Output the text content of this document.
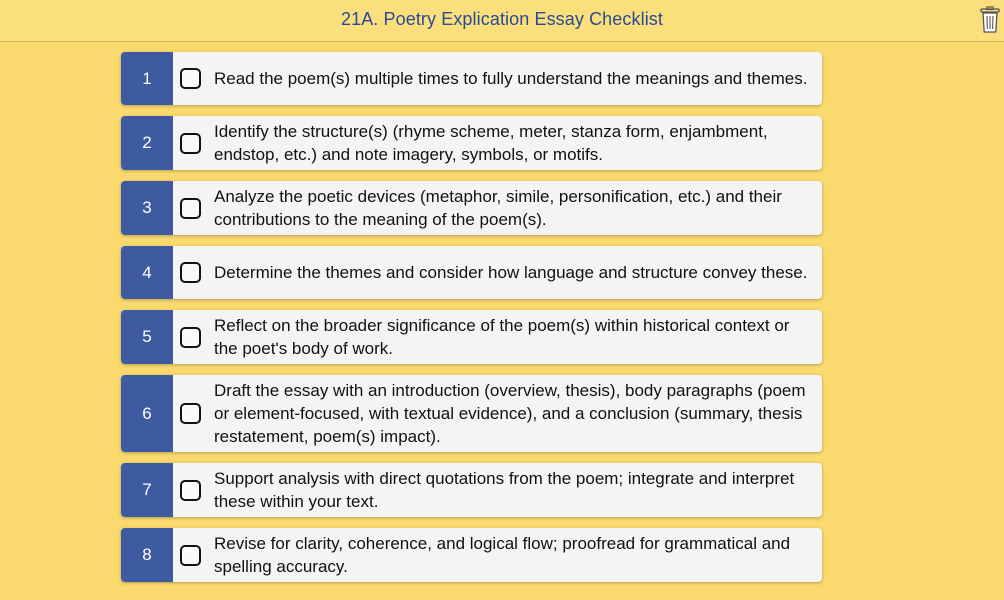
21A. Poetry Explication Essay Checklist
1	Read the poem(s) multiple times to fully understand the meanings and themes.
2
Identify the structure(s) (rhyme scheme, meter, stanza form, enjambment, endstop, etc.) and note imagery, symbols, or motifs.
3
Analyze the poetic devices (metaphor, simile, personification, etc.) and their contributions to the meaning of the poem(s).
4	Determine the themes and consider how language and structure convey these.
5
Reflect on the broader significance of the poem(s) within historical context or the poet's body of work.
6
Draft the essay with an introduction (overview, thesis), body paragraphs (poem or element-focused, with textual evidence), and a conclusion (summary, thesis restatement, poem(s) impact).
7
Support analysis with direct quotations from the poem; integrate and interpret these within your text.
8
Revise for clarity, coherence, and logical flow; proofread for grammatical and spelling accuracy.
